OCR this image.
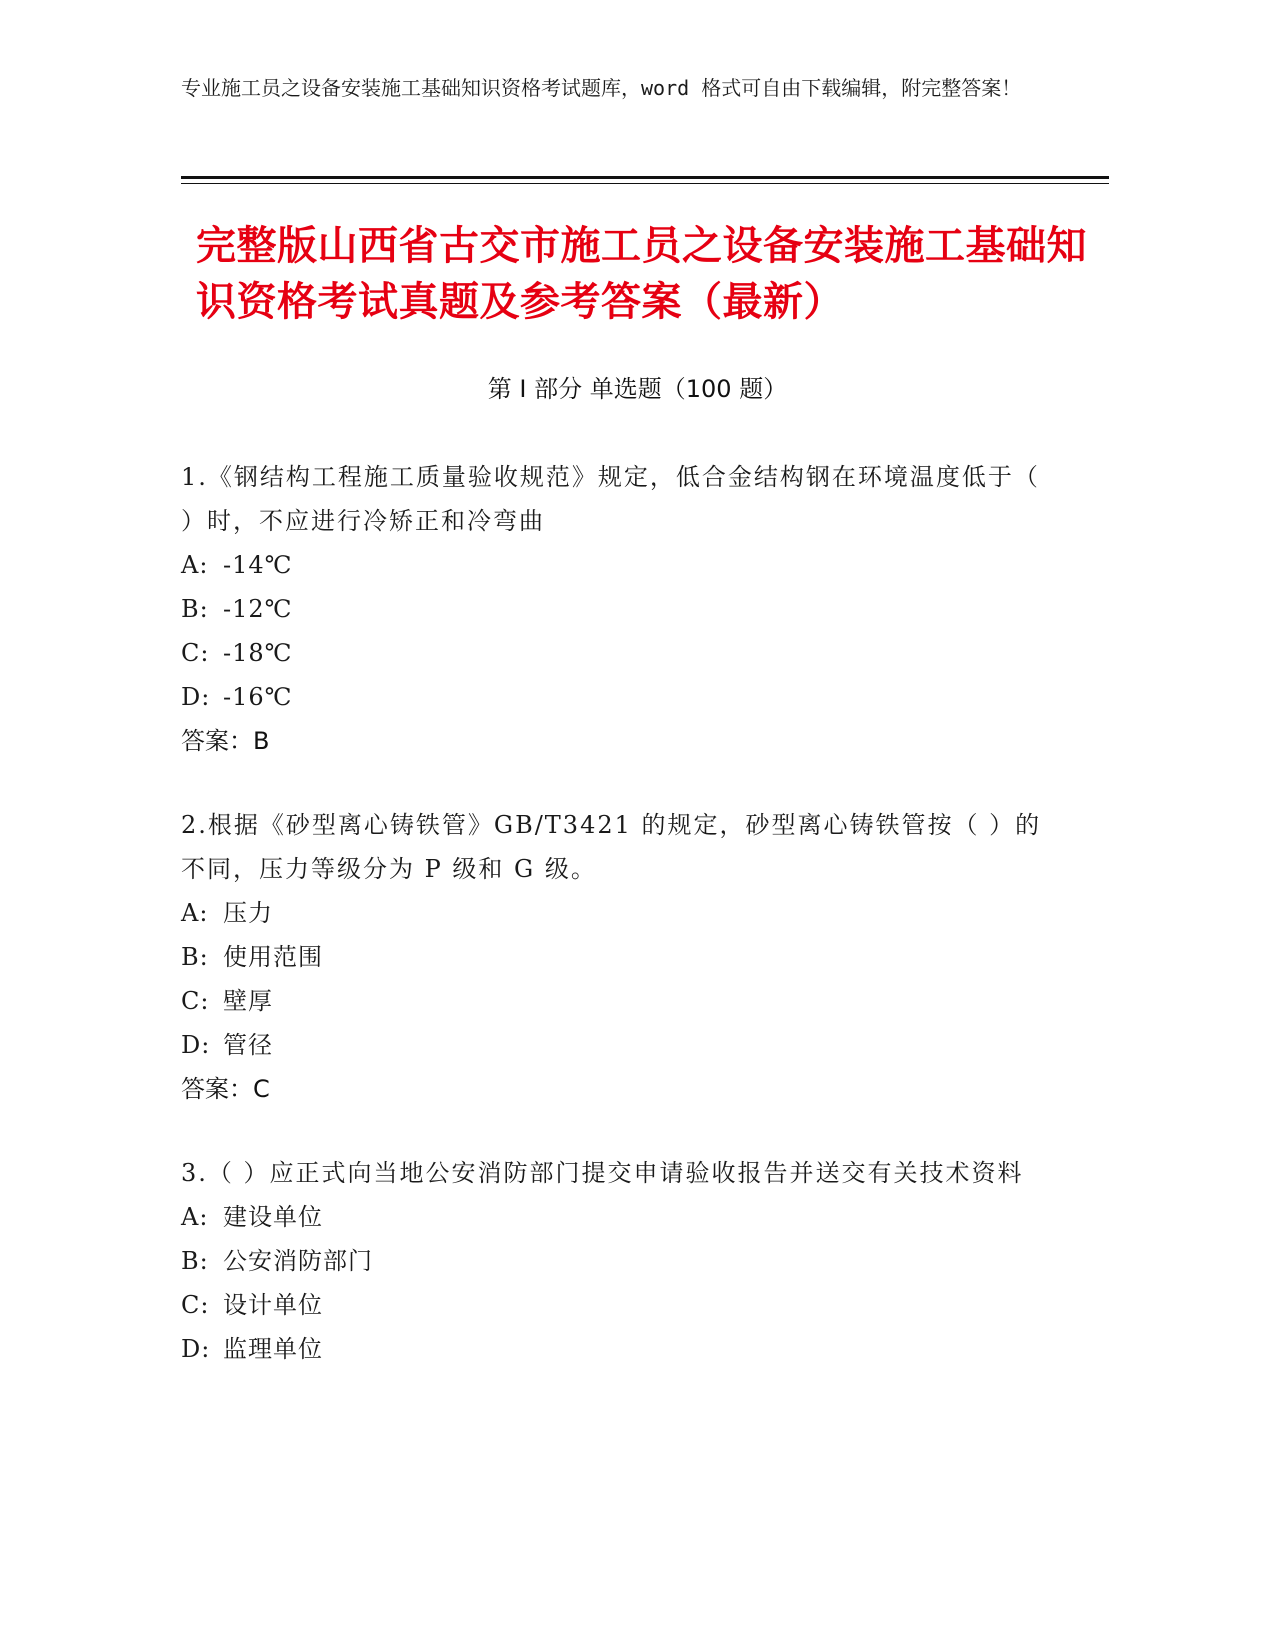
专业施工员之设备安装施工基础知识资格考试题库，word 格式可自由下载编辑，附完整答案！
完整版山西省古交市施工员之设备安装施工基础知识资格考试真题及参考答案（最新）
第 I 部分 单选题（100 题）
1.《钢结构工程施工质量验收规范》规定，低合金结构钢在环境温度低于（ ）时，不应进行冷矫正和冷弯曲
A: -14℃
B: -12℃
C: -18℃
D: -16℃
答案：B
2.根据《砂型离心铸铁管》GB/T3421 的规定，砂型离心铸铁管按（ ）的不同，压力等级分为 P 级和 G 级。
A: 压力
B: 使用范围
C: 壁厚
D: 管径
答案：C
3.（ ）应正式向当地公安消防部门提交申请验收报告并送交有关技术资料
A: 建设单位
B: 公安消防部门
C: 设计单位
D: 监理单位
